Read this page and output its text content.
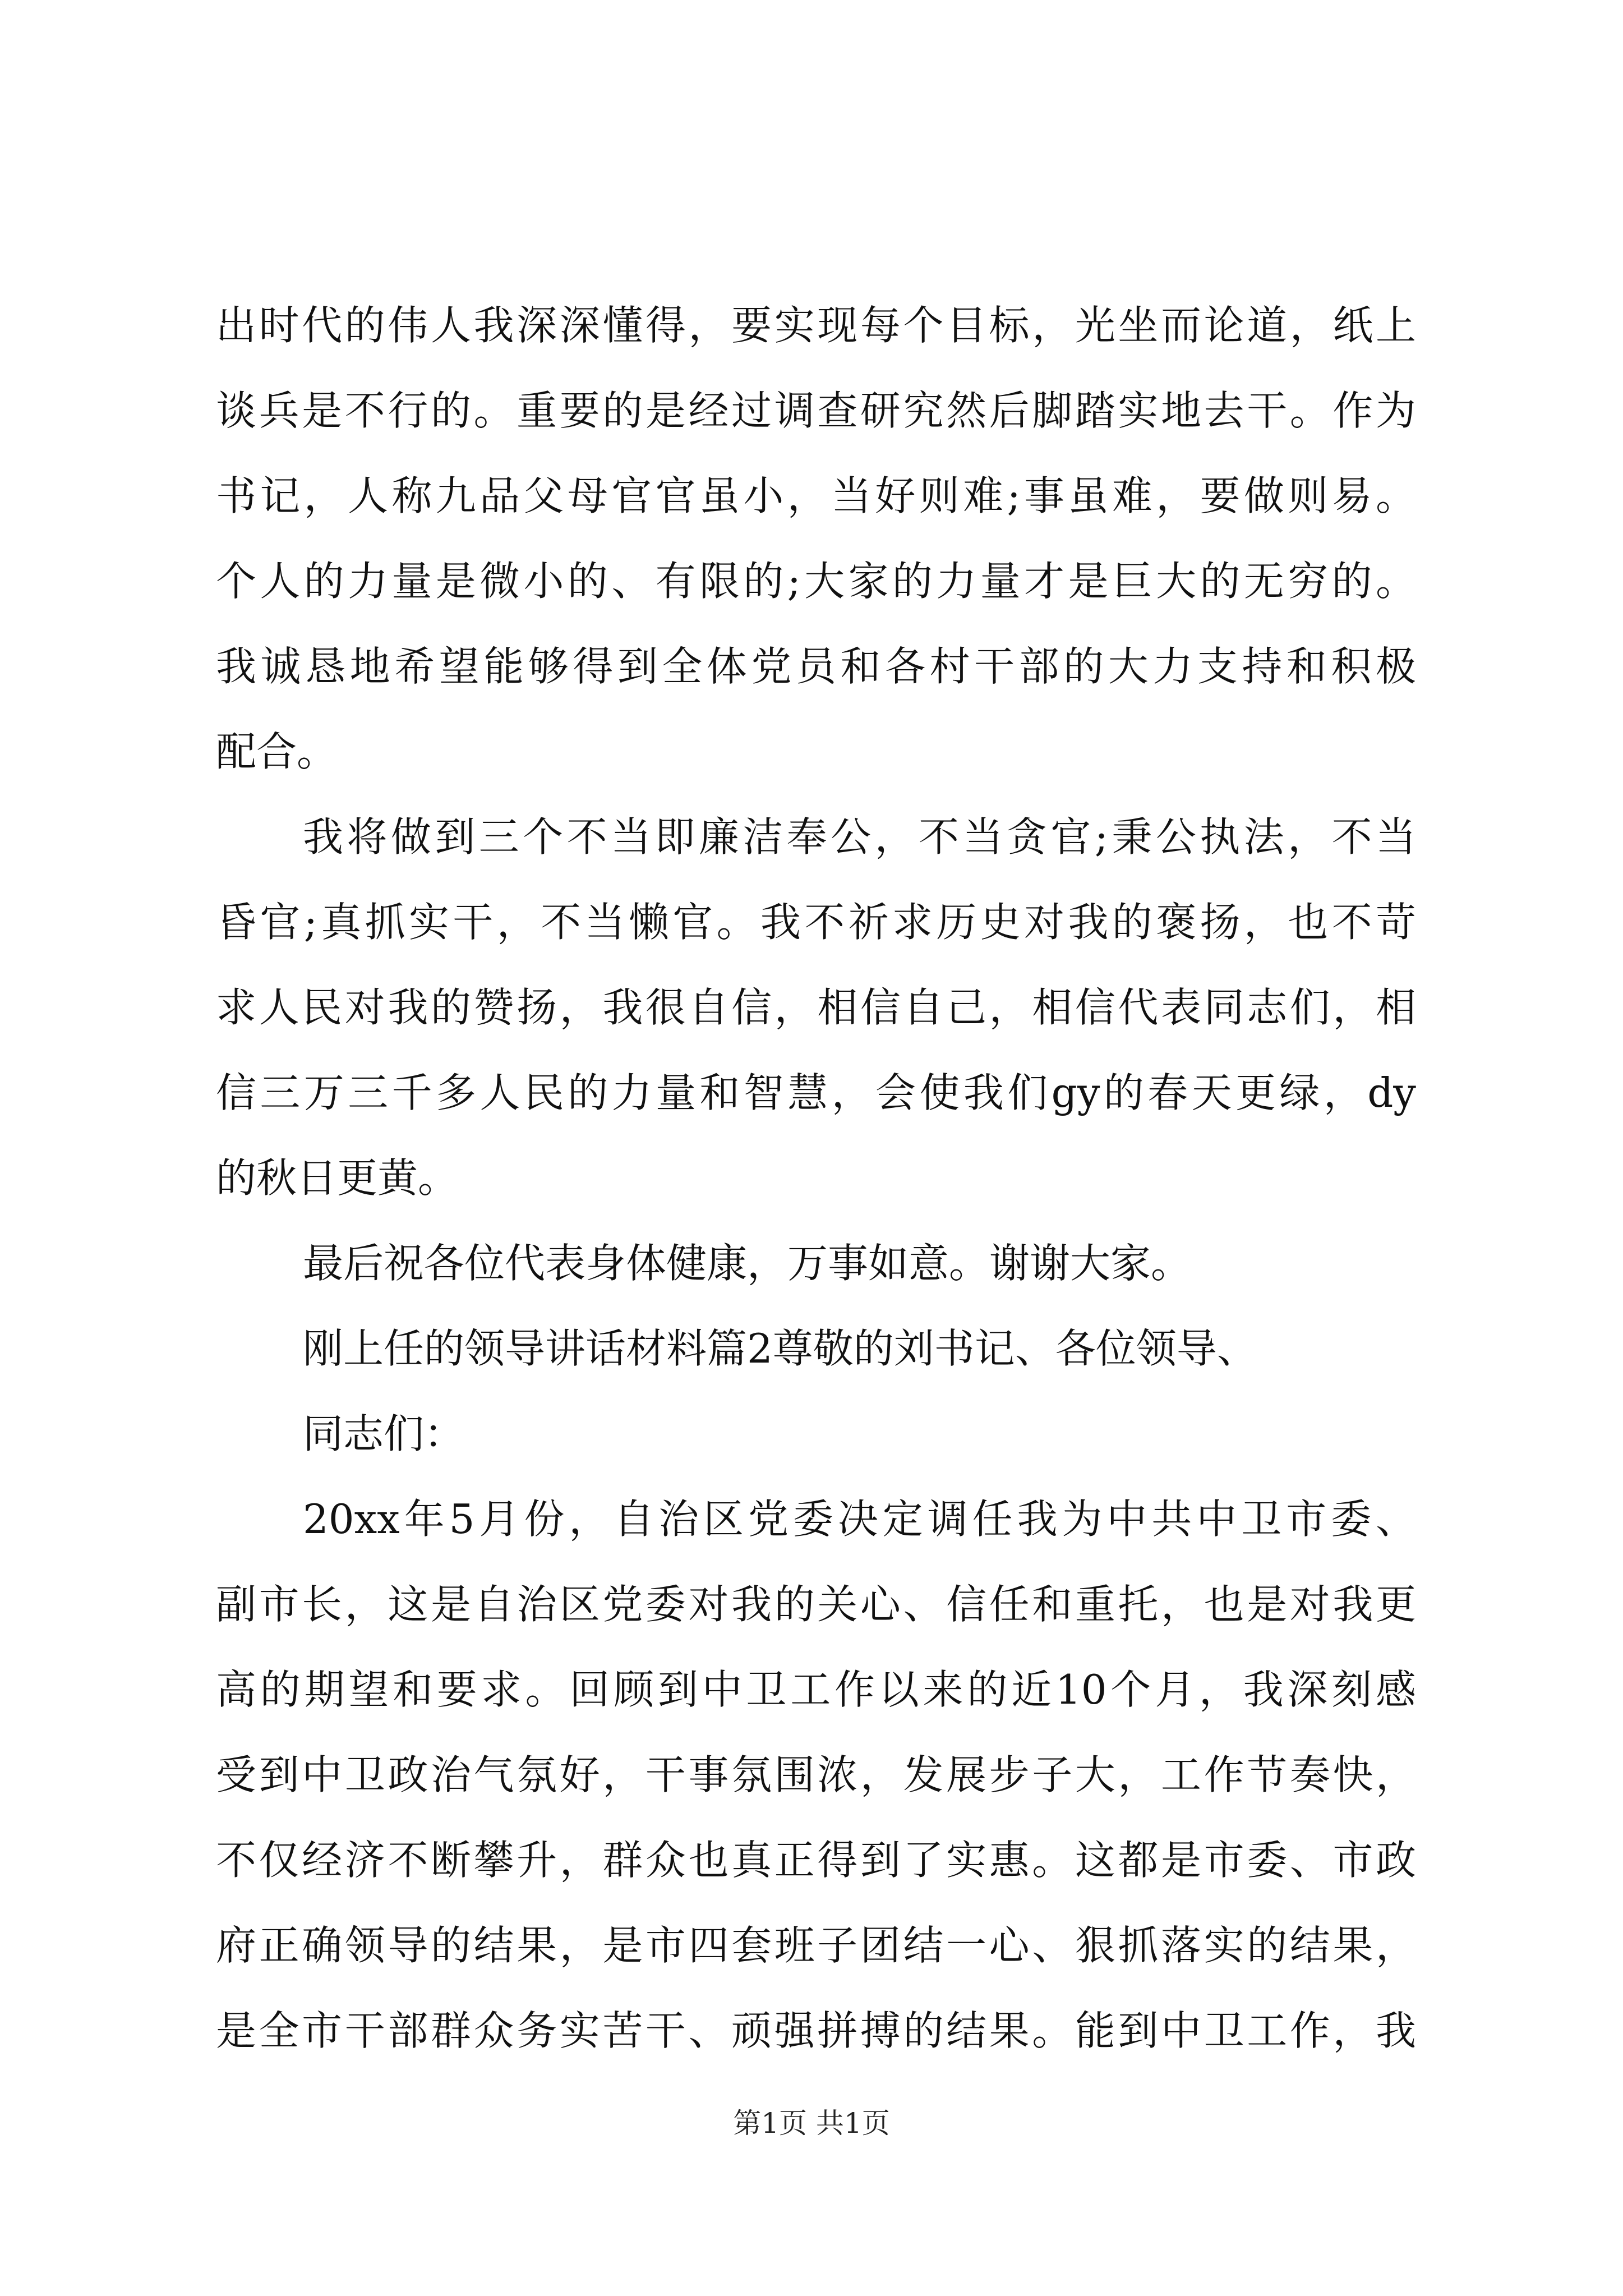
出时代的伟人我深深懂得，要实现每个目标，光坐而论道，纸上
谈兵是不行的。重要的是经过调查研究然后脚踏实地去干。作为
书记，人称九品父母官官虽小，当好则难;事虽难，要做则易。
个人的力量是微小的、有限的;大家的力量才是巨大的无穷的。
我诚恳地希望能够得到全体党员和各村干部的大力支持和积极
配合。
我将做到三个不当即廉洁奉公，不当贪官;秉公执法，不当
昏官;真抓实干，不当懒官。我不祈求历史对我的褒扬，也不苛
求人民对我的赞扬，我很自信，相信自己，相信代表同志们，相
信三万三千多人民的力量和智慧，会使我们gy的春天更绿，dy
的秋日更黄。
最后祝各位代表身体健康，万事如意。谢谢大家。
刚上任的领导讲话材料篇2尊敬的刘书记、各位领导、
同志们：
20xx年5月份，自治区党委决定调任我为中共中卫市委、
副市长，这是自治区党委对我的关心、信任和重托，也是对我更
高的期望和要求。回顾到中卫工作以来的近10个月，我深刻感
受到中卫政治气氛好，干事氛围浓，发展步子大，工作节奏快，
不仅经济不断攀升，群众也真正得到了实惠。这都是市委、市政
府正确领导的结果，是市四套班子团结一心、狠抓落实的结果，
是全市干部群众务实苦干、顽强拼搏的结果。能到中卫工作，我
第1页 共1页
